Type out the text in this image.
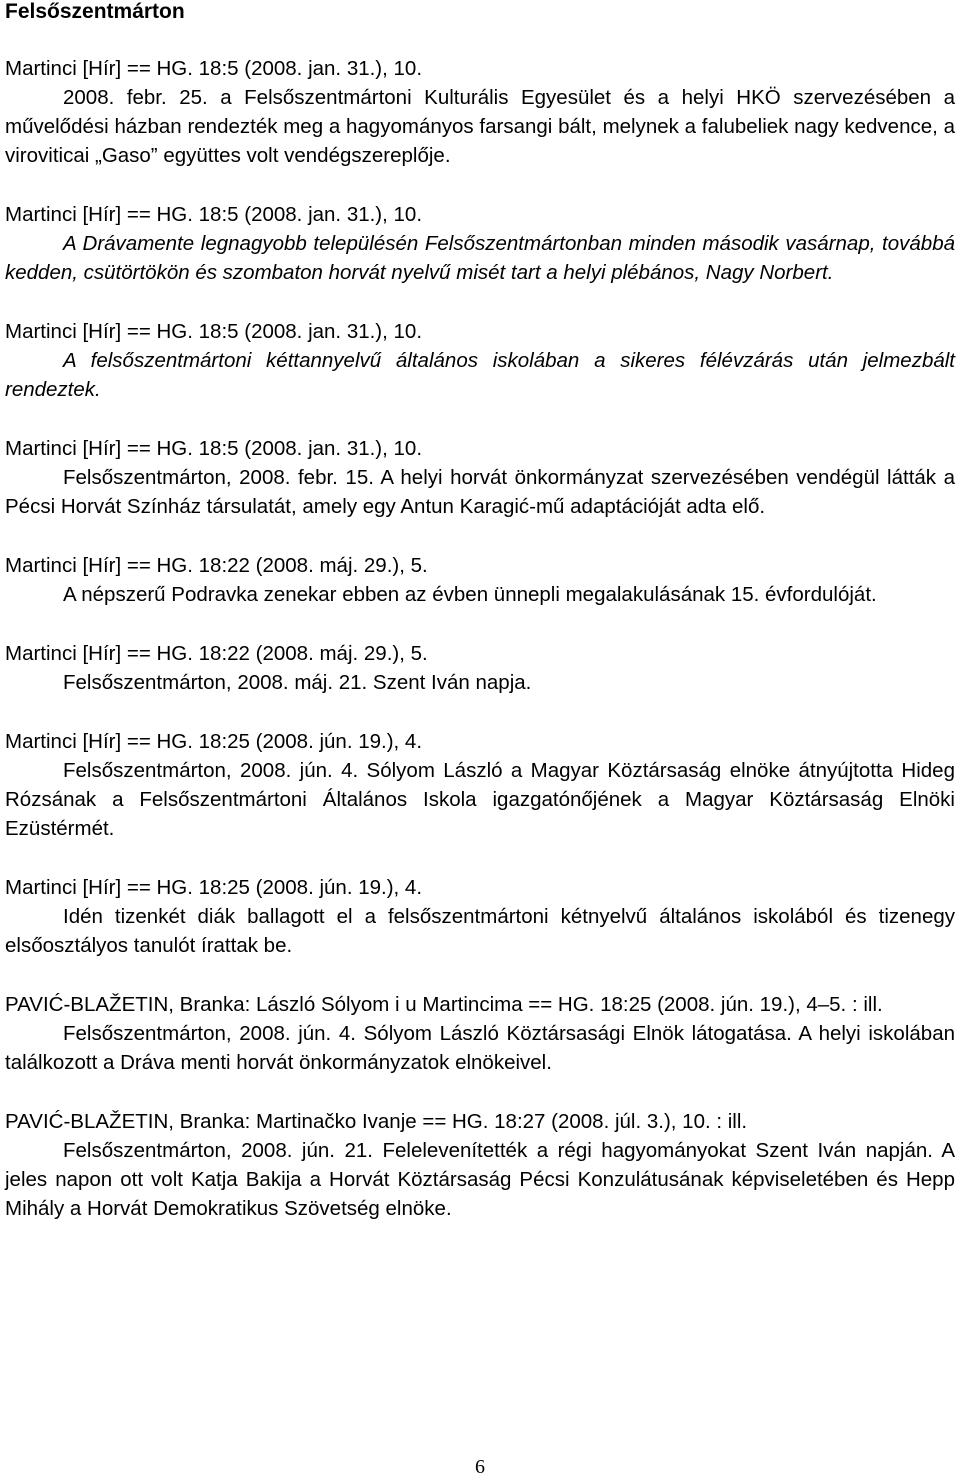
Felsőszentmárton
Martinci [Hír] == HG. 18:5 (2008. jan. 31.), 10.
2008. febr. 25. a Felsőszentmártoni Kulturális Egyesület és a helyi HKÖ szervezésében a művelődési házban rendezték meg a hagyományos farsangi bált, melynek a falubeliek nagy kedvence, a viroviticai „Gaso” együttes volt vendégszereplője.
Martinci [Hír] == HG. 18:5 (2008. jan. 31.), 10.
A Drávamente legnagyobb településén Felsőszentmártonban minden második vasárnap, továbbá kedden, csütörtökön és szombaton horvát nyelvű misét tart a helyi plébános, Nagy Norbert.
Martinci [Hír] == HG. 18:5 (2008. jan. 31.), 10.
A felsőszentmártoni kéttannyelvű általános iskolában a sikeres félévzárás után jelmezbált rendeztek.
Martinci [Hír] == HG. 18:5 (2008. jan. 31.), 10.
Felsőszentmárton, 2008. febr. 15. A helyi horvát önkormányzat szervezésében vendégül látták a Pécsi Horvát Színház társulatát, amely egy Antun Karagić-mű adaptációját adta elő.
Martinci [Hír] == HG. 18:22 (2008. máj. 29.), 5.
A népszerű Podravka zenekar ebben az évben ünnepli megalakulásának 15. évfordulóját.
Martinci [Hír] == HG. 18:22 (2008. máj. 29.), 5.
Felsőszentmárton, 2008. máj. 21. Szent Iván napja.
Martinci [Hír] == HG. 18:25 (2008. jún. 19.), 4.
Felsőszentmárton, 2008. jún. 4. Sólyom László a Magyar Köztársaság elnöke átnyújtotta Hideg Rózsának a Felsőszentmártoni Általános Iskola igazgatónőjének a Magyar Köztársaság Elnöki Ezüstérmét.
Martinci [Hír] == HG. 18:25 (2008. jún. 19.), 4.
Idén tizenkét diák ballagott el a felsőszentmártoni kétnyelvű általános iskolából és tizenegy elsőosztályos tanulót írattak be.
PAVIĆ-BLAŽETIN, Branka: László Sólyom i u Martincima == HG. 18:25 (2008. jún. 19.), 4–5. : ill.
Felsőszentmárton, 2008. jún. 4. Sólyom László Köztársasági Elnök látogatása. A helyi iskolában találkozott a Dráva menti horvát önkormányzatok elnökeivel.
PAVIĆ-BLAŽETIN, Branka: Martinačko Ivanje == HG. 18:27 (2008. júl. 3.), 10. : ill.
Felsőszentmárton, 2008. jún. 21. Felelevenítették a régi hagyományokat Szent Iván napján. A jeles napon ott volt Katja Bakija a Horvát Köztársaság Pécsi Konzulátusának képviseletében és Hepp Mihály a Horvát Demokratikus Szövetség elnöke.
6
